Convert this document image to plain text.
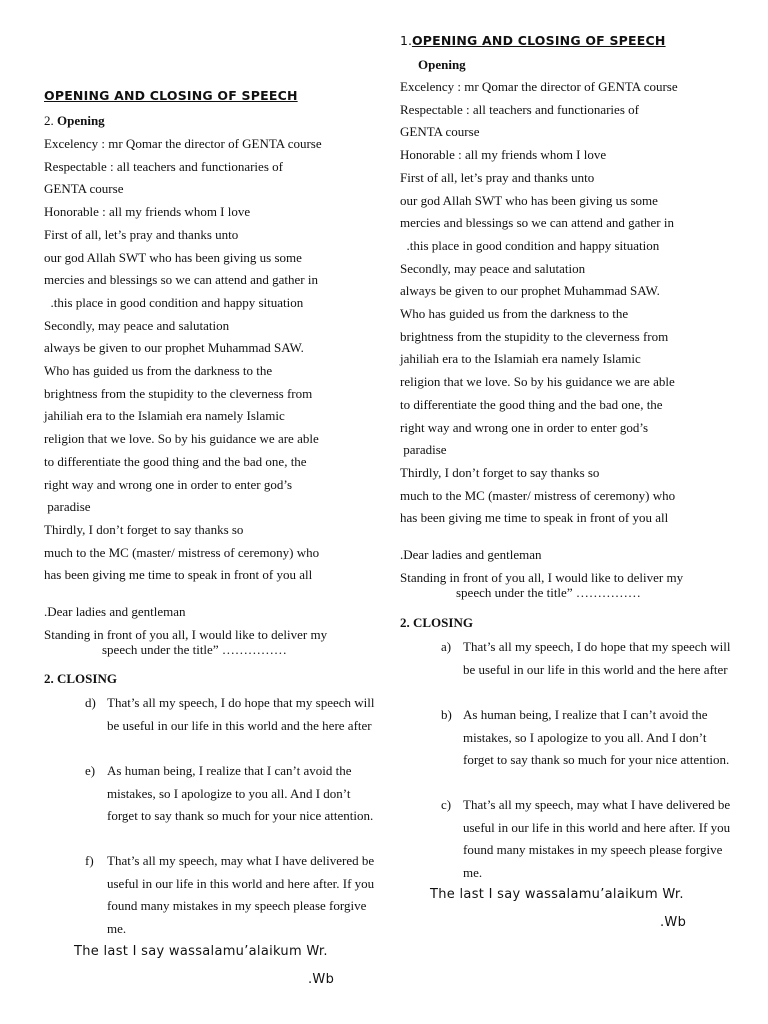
OPENING AND CLOSING OF SPEECH
2. Opening
Excelency : mr Qomar the director of GENTA course
Respectable : all teachers and functionaries of
GENTA course
Honorable : all my friends whom I love
First of all, let’s pray and thanks unto
our god Allah SWT who has been giving us some
mercies and blessings so we can attend and gather in
.this place in good condition and happy situation
Secondly, may peace and salutation
always be given to our prophet Muhammad SAW.
Who has guided us from the darkness to the
brightness from the stupidity to the cleverness from
jahiliah era to the Islamiah era namely Islamic
religion that we love. So by his guidance we are able
to differentiate the good thing and the bad one, the
right way and wrong one in order to enter god’s
paradise
Thirdly, I don’t forget to say thanks so
much to the MC (master/ mistress of ceremony) who
has been giving me time to speak in front of you all
.Dear ladies and gentleman
Standing in front of you all, I would like to deliver my
speech under the title” ……………
2. CLOSING
d) That’s all my speech, I do hope that my speech will be useful in our life in this world and the here after

e) As human being, I realize that I can’t avoid the mistakes, so I apologize to you all. And I don’t forget to say thank so much for your nice attention.

f) That’s all my speech, may what I have delivered be useful in our life in this world and here after. If you found many mistakes in my speech please forgive me.

The last I say wassalamu’alaikum Wr.
.Wb
1.OPENING AND CLOSING OF SPEECH
Opening
Excelency : mr Qomar the director of GENTA course
Respectable : all teachers and functionaries of
GENTA course
Honorable : all my friends whom I love
First of all, let’s pray and thanks unto
our god Allah SWT who has been giving us some
mercies and blessings so we can attend and gather in
.this place in good condition and happy situation
Secondly, may peace and salutation
always be given to our prophet Muhammad SAW.
Who has guided us from the darkness to the
brightness from the stupidity to the cleverness from
jahiliah era to the Islamiah era namely Islamic
religion that we love. So by his guidance we are able
to differentiate the good thing and the bad one, the
right way and wrong one in order to enter god’s
paradise
Thirdly, I don’t forget to say thanks so
much to the MC (master/ mistress of ceremony) who
has been giving me time to speak in front of you all
.Dear ladies and gentleman
Standing in front of you all, I would like to deliver my
speech under the title” ……………
2. CLOSING
a) That’s all my speech, I do hope that my speech will be useful in our life in this world and the here after

b) As human being, I realize that I can’t avoid the mistakes, so I apologize to you all. And I don’t forget to say thank so much for your nice attention.

c) That’s all my speech, may what I have delivered be useful in our life in this world and here after. If you found many mistakes in my speech please forgive me.

The last I say wassalamu’alaikum Wr.
.Wb
